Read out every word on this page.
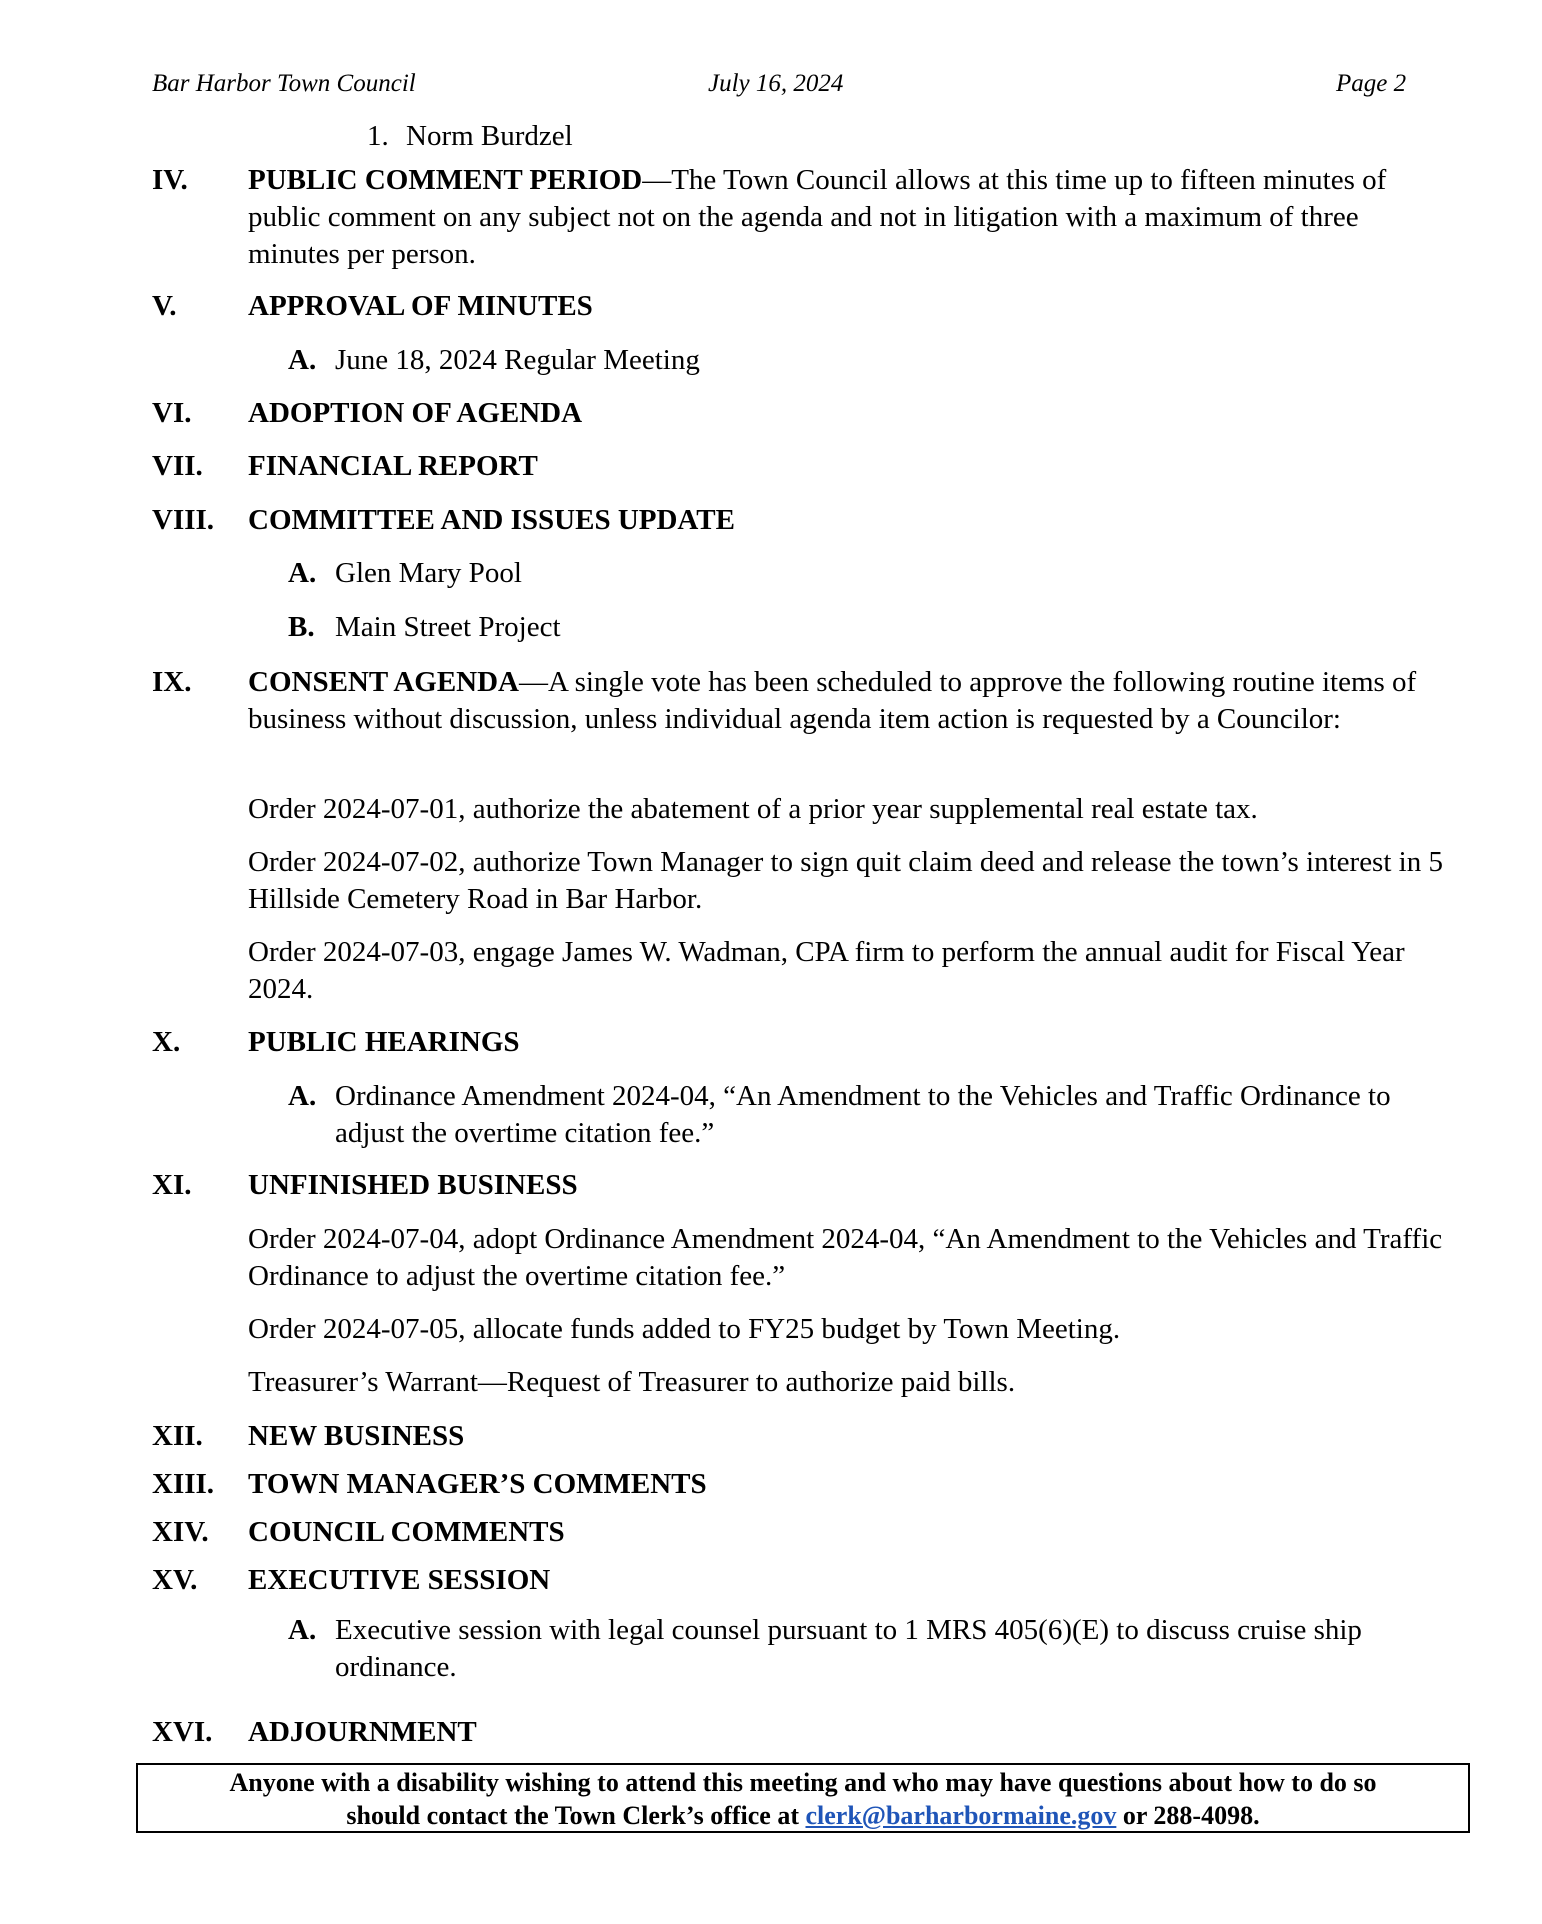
Bar Harbor Town Council	July 16, 2024	Page 2
1. Norm Burdzel
IV. PUBLIC COMMENT PERIOD—The Town Council allows at this time up to fifteen minutes of public comment on any subject not on the agenda and not in litigation with a maximum of three minutes per person.
V. APPROVAL OF MINUTES
A. June 18, 2024 Regular Meeting
VI. ADOPTION OF AGENDA
VII. FINANCIAL REPORT
VIII. COMMITTEE AND ISSUES UPDATE
A. Glen Mary Pool
B. Main Street Project
IX. CONSENT AGENDA—A single vote has been scheduled to approve the following routine items of business without discussion, unless individual agenda item action is requested by a Councilor:
Order 2024-07-01, authorize the abatement of a prior year supplemental real estate tax.
Order 2024-07-02, authorize Town Manager to sign quit claim deed and release the town’s interest in 5 Hillside Cemetery Road in Bar Harbor.
Order 2024-07-03, engage James W. Wadman, CPA firm to perform the annual audit for Fiscal Year 2024.
X. PUBLIC HEARINGS
A. Ordinance Amendment 2024-04, “An Amendment to the Vehicles and Traffic Ordinance to adjust the overtime citation fee.”
XI. UNFINISHED BUSINESS
Order 2024-07-04, adopt Ordinance Amendment 2024-04, “An Amendment to the Vehicles and Traffic Ordinance to adjust the overtime citation fee.”
Order 2024-07-05, allocate funds added to FY25 budget by Town Meeting.
Treasurer’s Warrant—Request of Treasurer to authorize paid bills.
XII. NEW BUSINESS
XIII. TOWN MANAGER’S COMMENTS
XIV. COUNCIL COMMENTS
XV. EXECUTIVE SESSION
A. Executive session with legal counsel pursuant to 1 MRS 405(6)(E) to discuss cruise ship ordinance.
XVI. ADJOURNMENT
Anyone with a disability wishing to attend this meeting and who may have questions about how to do so
should contact the Town Clerk’s office at clerk@barharbormaine.gov or 288-4098.
